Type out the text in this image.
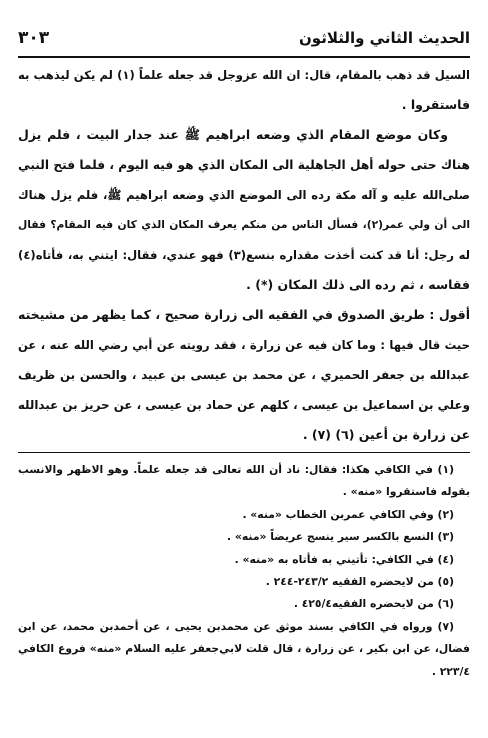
الحديث الثاني والثلاثون
٣٠٣
السيل قد ذهب بالمقام، قال: ان الله عزوجل قد جعله علماً (١) لم يكن ليذهب به
فاستقروا .
وكان موضع المقام الذي وضعه ابراهيم ﷺ عند جدار البيت ، فلم يزل
هناك حتى حوله أهل الجاهلية الى المكان الذي هو فيه اليوم ، فلما فتح النبي
صلى‌الله عليه و آله مكة رده الى الموضع الذي وضعه ابراهيم ﷺ، فلم يزل هناك
الى أن ولي عمر(٢)، فسأل الناس من منكم يعرف المكان الذي كان فيه المقام؟ فقال
له رجل: أنا قد كنت أخذت مقداره بنسع(٣) فهو عندي، فقال: ايتني به، فأتاه(٤)
فقاسه ، ثم رده الى ذلك المكان (*) .
أقول : طريق الصدوق في الفقيه الى زرارة صحيح ، كما يظهر من مشيخته
حيث قال فيها : وما كان فيه عن زرارة ، فقد رويته عن أبي رضي الله عنه ، عن
عبدالله بن جعفر الحميري ، عن محمد بن عيسى بن عبيد ، والحسن بن ظريف
وعلي بن اسماعيل بن عيسى ، كلهم عن حماد بن عيسى ، عن حريز بن عبدالله
عن زرارة بن أعين (٦) (٧) .
(١) في الكافي هكذا: فقال: ناد أن الله تعالى قد جعله علماً. وهو الاظهر والانسب
بقوله فاستقروا «منه» .
(٢) وفي الكافي عمربن الخطاب «منه» .
(٣) النسع بالكسر سير ينسج عريضاً «منه» .
(٤) في الكافي: تأتيني به فأتاه به «منه» .
(٥) من لايحضره الفقيه ٢٤٣/٢-٢٤٤ .
(٦) من لايحضره الفقيه٤٢٥/٤ .
(٧) ورواه في الكافي بسند موثق عن محمدبن يحيى ، عن أحمدبن محمد، عن ابن
فضال، عن ابن بكير ، عن زرارة ، قال قلت لابي‌جعفر عليه السلام «منه» فروع الكافي
٢٢٣/٤ .
